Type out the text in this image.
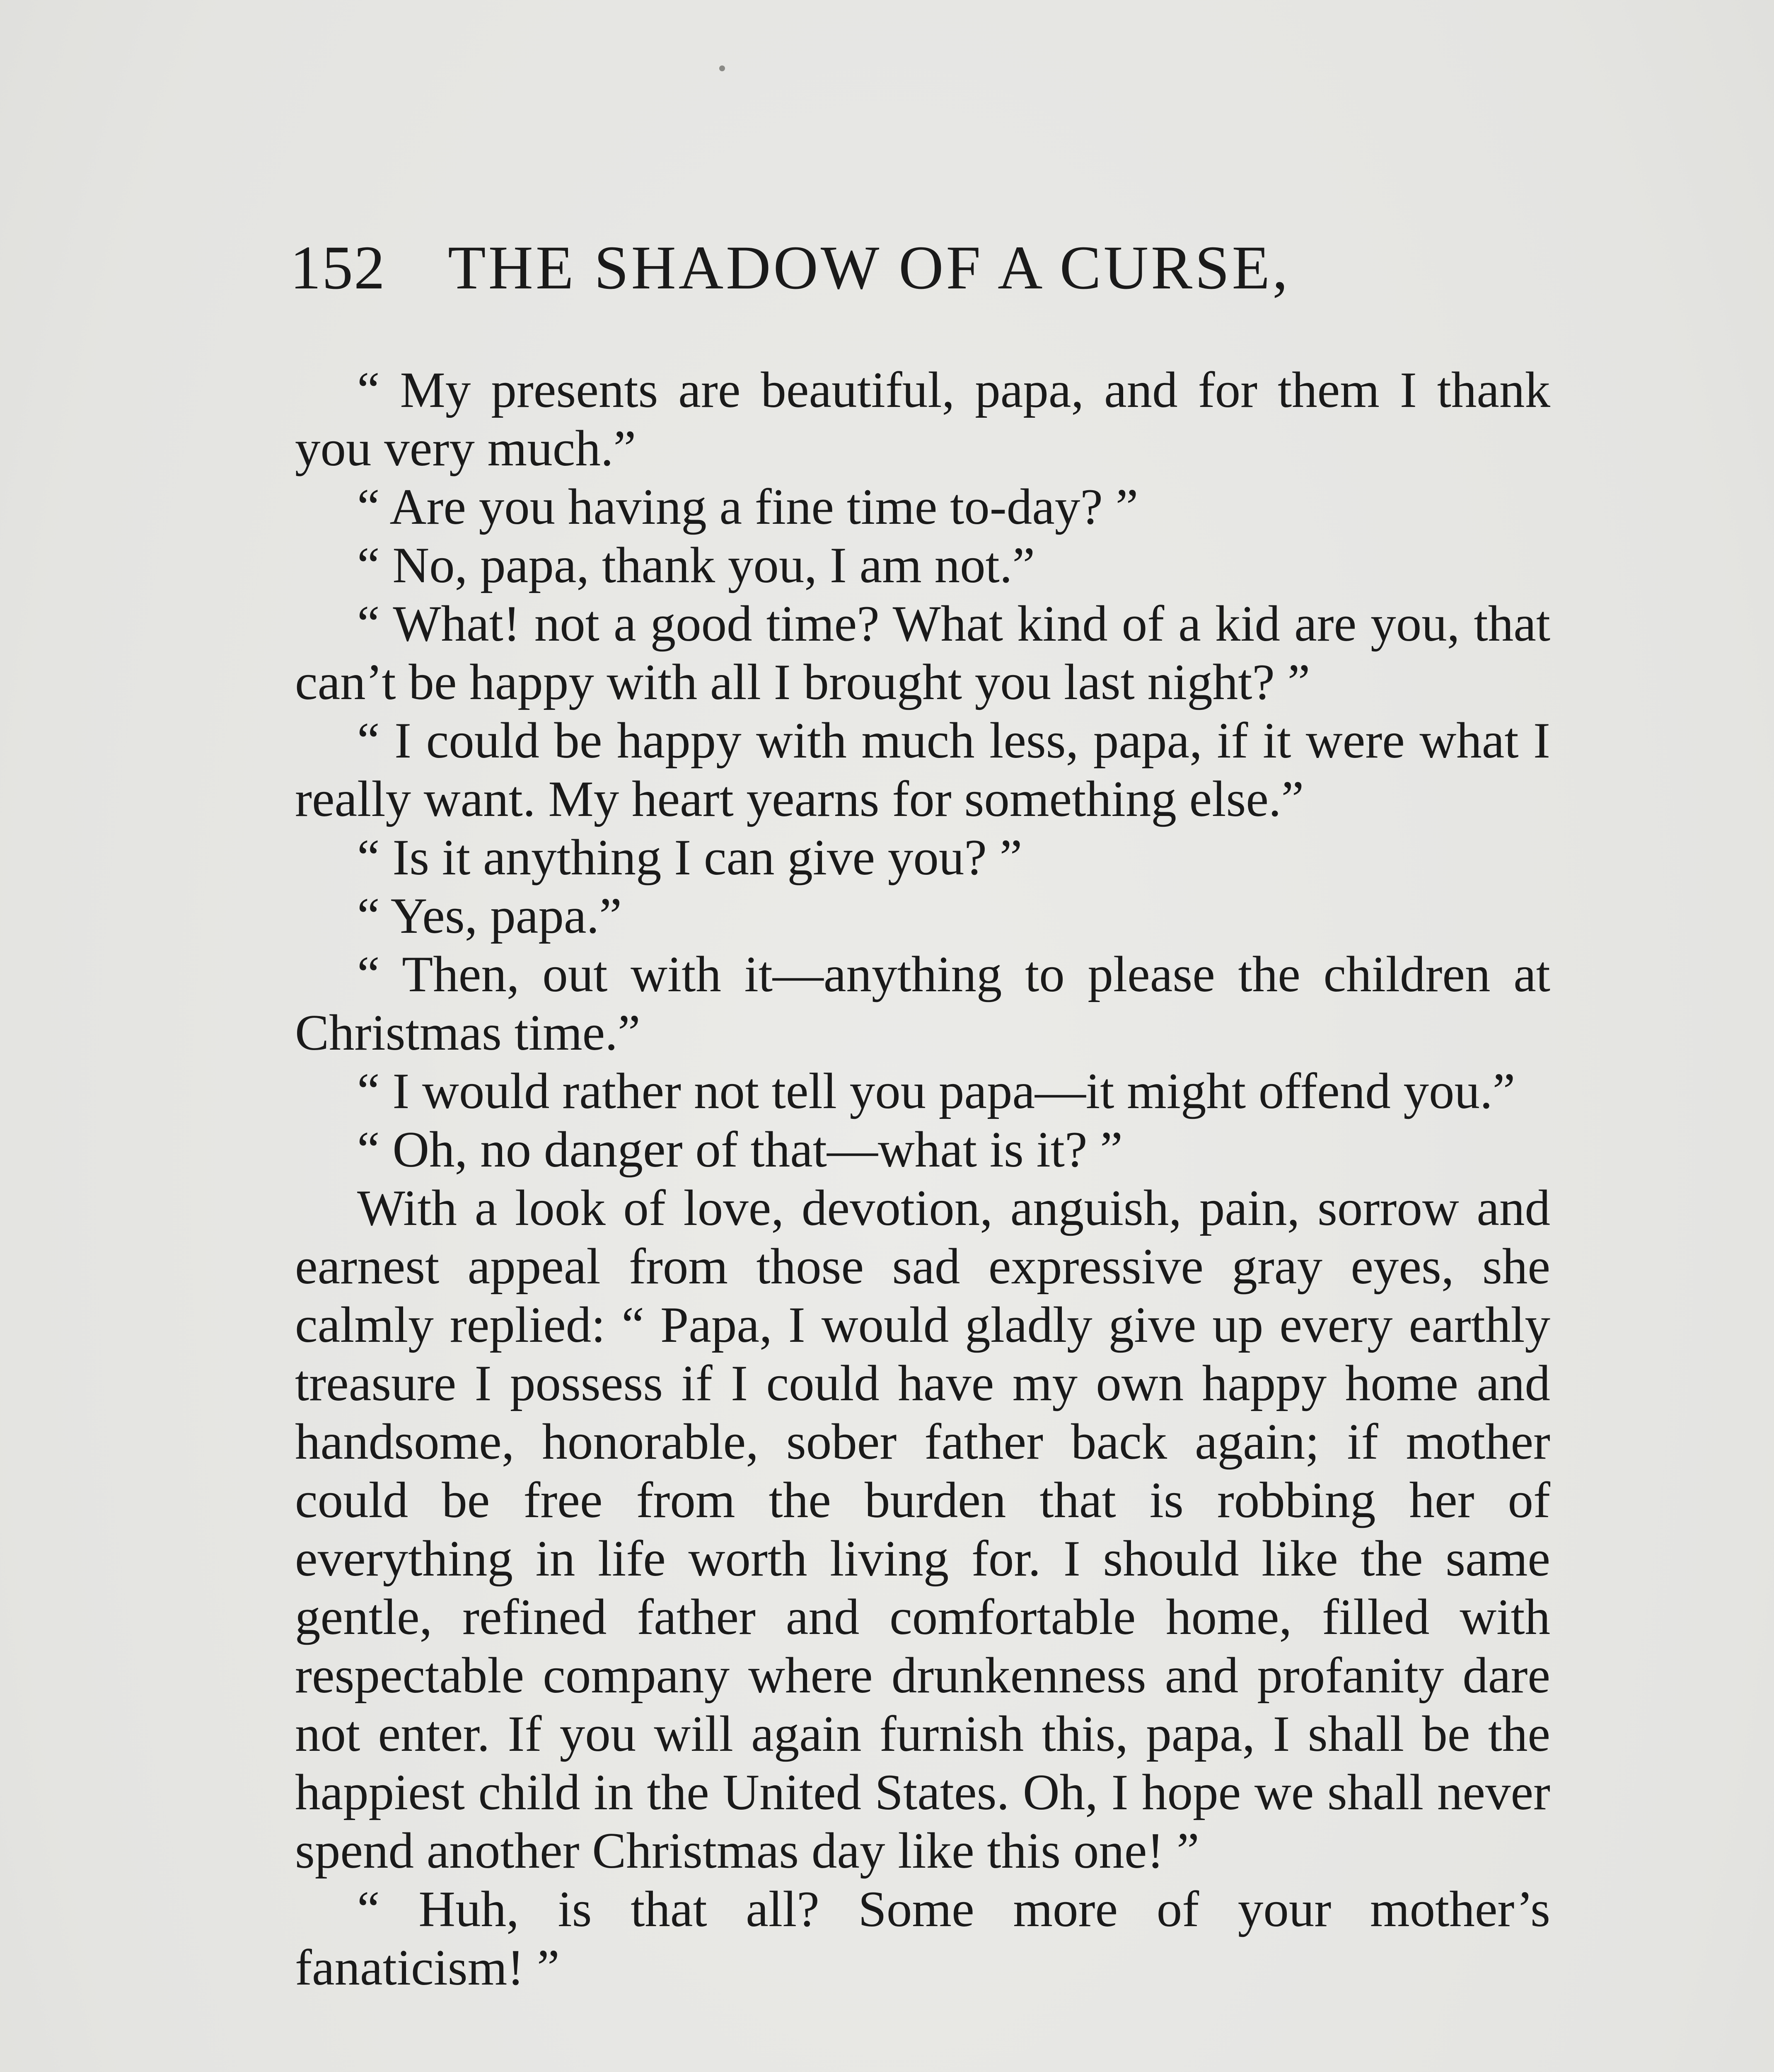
152 THE SHADOW OF A CURSE,

“ My presents are beautiful, papa, and for them I thank you very much.”

“ Are you having a fine time to-day? ”

“ No, papa, thank you, I am not.”

“ What! not a good time? What kind of a kid are you, that can’t be happy with all I brought you last night? ”

“ I could be happy with much less, papa, if it were what I really want. My heart yearns for something else.”

“ Is it anything I can give you? ”

“ Yes, papa.”

“ Then, out with it—anything to please the children at Christmas time.”

“ I would rather not tell you papa—it might offend you.”

“ Oh, no danger of that—what is it? ”

With a look of love, devotion, anguish, pain, sorrow and earnest appeal from those sad expressive gray eyes, she calmly replied: “ Papa, I would gladly give up every earthly treasure I possess if I could have my own happy home and handsome, honorable, sober father back again; if mother could be free from the burden that is robbing her of everything in life worth living for. I should like the same gentle, refined father and comfortable home, filled with respectable company where drunkenness and profanity dare not enter. If you will again furnish this, papa, I shall be the happiest child in the United States. Oh, I hope we shall never spend another Christmas day like this one! ”

“ Huh, is that all? Some more of your mother’s fanaticism! ”
